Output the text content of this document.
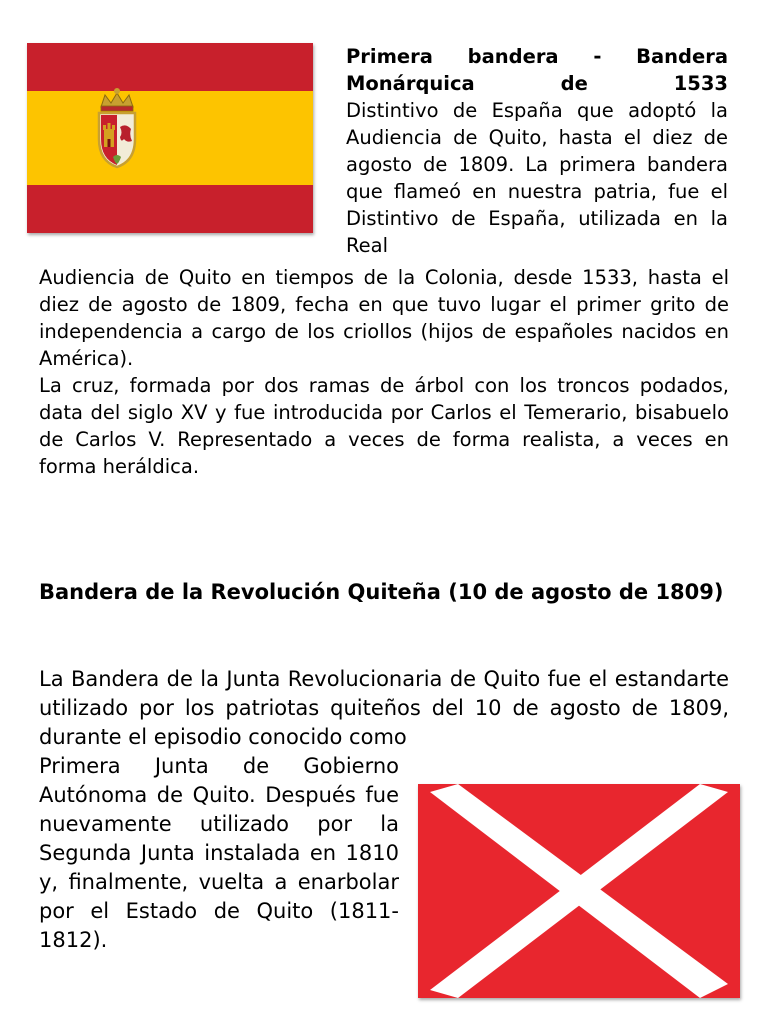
Primera bandera - Bandera
Monárquica de 1533
Distintivo de España que adoptó la Audiencia de Quito, hasta el diez de agosto de 1809. La primera bandera que flameó en nuestra patria, fue el Distintivo de España, utilizada en la Real

Audiencia de Quito en tiempos de la Colonia, desde 1533, hasta el diez de agosto de 1809, fecha en que tuvo lugar el primer grito de independencia a cargo de los criollos (hijos de españoles nacidos en América).

La cruz, formada por dos ramas de árbol con los troncos podados, data del siglo XV y fue introducida por Carlos el Temerario, bisabuelo de Carlos V. Representado a veces de forma realista, a veces en forma heráldica.

Bandera de la Revolución Quiteña (10 de agosto de 1809)
La Bandera de la Junta Revolucionaria de Quito fue el estandarte utilizado por los patriotas quiteños del 10 de agosto de 1809, durante el episodio conocido como
Primera Junta de Gobierno Autónoma de Quito. Después fue nuevamente utilizado por la Segunda Junta instalada en 1810 y, finalmente, vuelta a enarbolar por el Estado de Quito (1811-1812).
